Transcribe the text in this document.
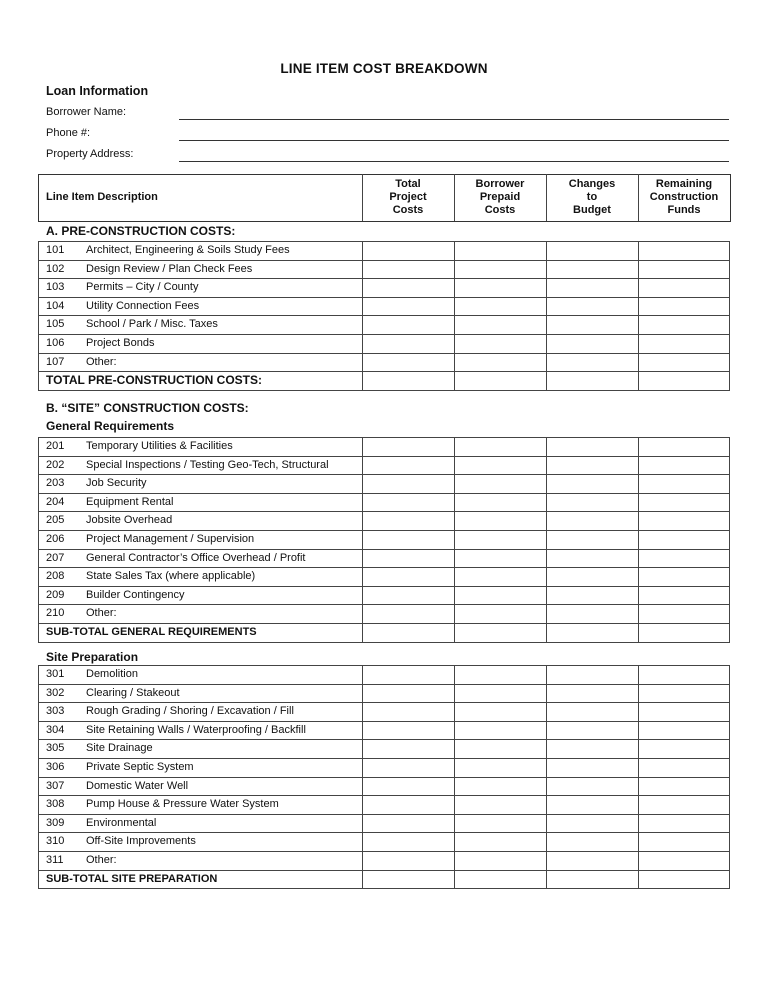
LINE ITEM COST BREAKDOWN
Loan Information
Line Item Description
Borrower Name:
Phone #:
Property Address:
Total
Project
Costs
Borrower
Prepaid
Costs
Changes
to
Budget
Remaining
Construction
Funds
A. PRE-CONSTRUCTION COSTS:
101 Architect, Engineering & Soils Study Fees
102 Design Review / Plan Check Fees
103 Permits – City / County
104 Utility Connection Fees
105 School / Park / Misc. Taxes
106 Project Bonds
107 Other:
TOTAL PRE-CONSTRUCTION COSTS:
B. “SITE” CONSTRUCTION COSTS:
General Requirements
201 Temporary Utilities & Facilities
202 Special Inspections / Testing Geo-Tech, Structural
203 Job Security
204 Equipment Rental
205 Jobsite Overhead
206 Project Management / Supervision
207 General Contractor’s Office Overhead / Profit
208 State Sales Tax (where applicable)
209 Builder Contingency
210 Other:
SUB-TOTAL GENERAL REQUIREMENTS
Site Preparation
301 Demolition
302 Clearing / Stakeout
303 Rough Grading / Shoring / Excavation / Fill
304 Site Retaining Walls / Waterproofing / Backfill
305 Site Drainage
306 Private Septic System
307 Domestic Water Well
308 Pump House & Pressure Water System
309 Environmental
310 Off-Site Improvements
311 Other:
SUB-TOTAL SITE PREPARATION
